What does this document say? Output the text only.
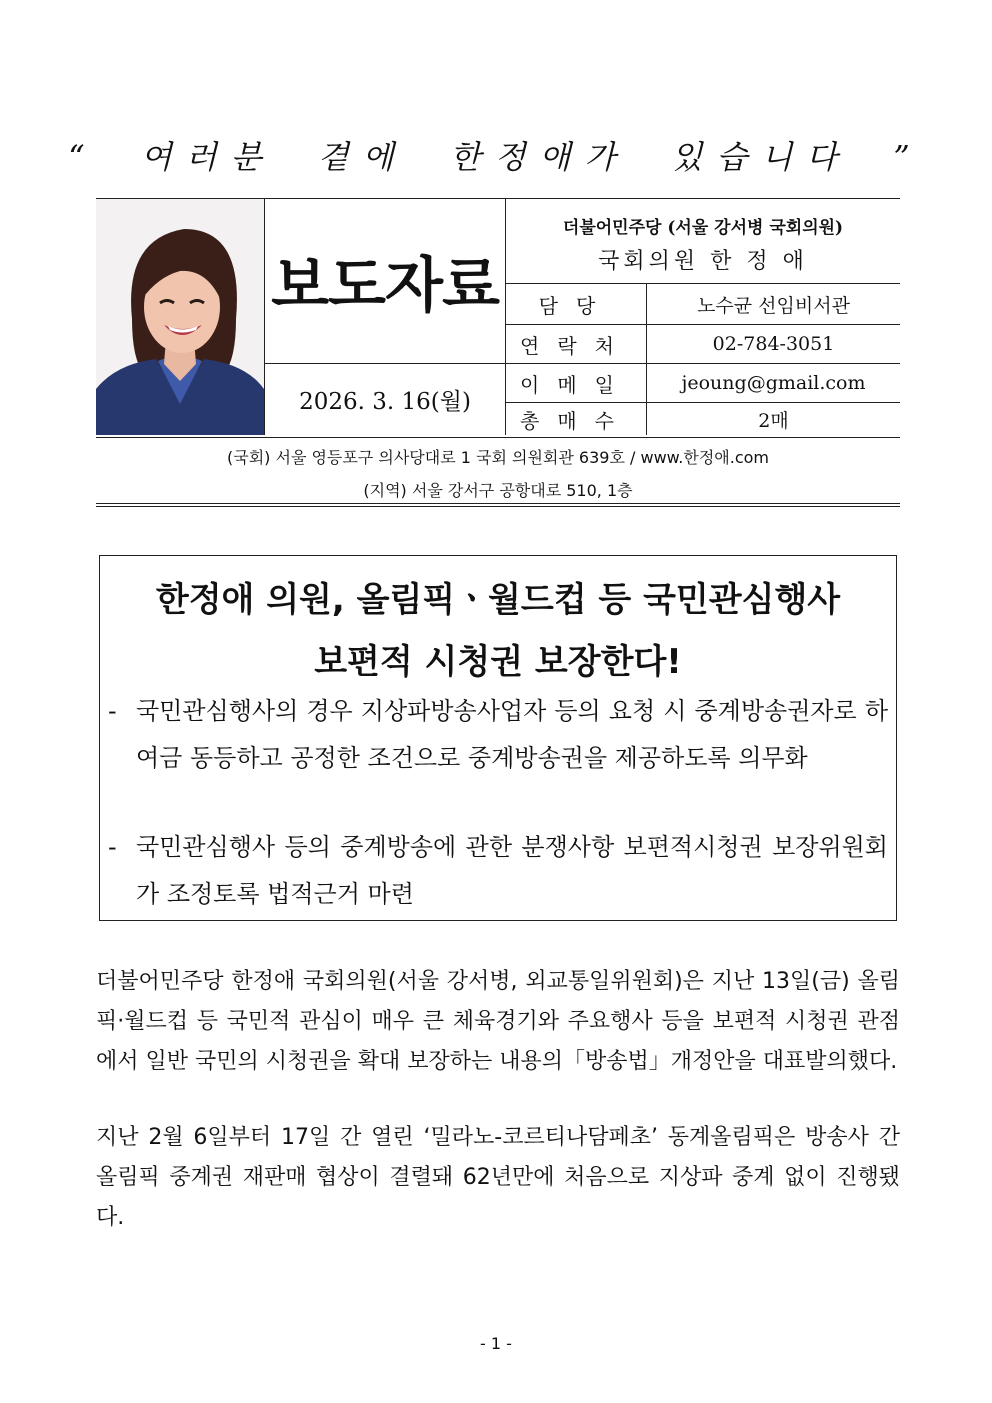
“ 여러분 곁에 한정애가 있습니다 ”
보도자료
2026. 3. 16(월)
더불어민주당 (서울 강서병 국회의원)
국회의원 한 정 애
담당	노수균 선임비서관
연락처	02-784-3051
이메일	jeoung@gmail.com
총매수	2매
(국회) 서울 영등포구 의사당대로 1 국회 의원회관 639호 / www.한정애.com
(지역) 서울 강서구 공항대로 510, 1층
한정애 의원, 올림픽ㆍ월드컵 등 국민관심행사
보편적 시청권 보장한다!
- 국민관심행사의 경우 지상파방송사업자 등의 요청 시 중계방송권자로 하여금 동등하고 공정한 조건으로 중계방송권을 제공하도록 의무화
- 국민관심행사 등의 중계방송에 관한 분쟁사항 보편적시청권 보장위원회가 조정토록 법적근거 마련
더불어민주당 한정애 국회의원(서울 강서병, 외교통일위원회)은 지난 13일(금) 올림픽·월드컵 등 국민적 관심이 매우 큰 체육경기와 주요행사 등을 보편적 시청권 관점에서 일반 국민의 시청권을 확대 보장하는 내용의「방송법」개정안을 대표발의했다.
지난 2월 6일부터 17일 간 열린 ‘밀라노-코르티나담페초’ 동계올림픽은 방송사 간 올림픽 중계권 재판매 협상이 결렬돼 62년만에 처음으로 지상파 중계 없이 진행됐다.
- 1 -
